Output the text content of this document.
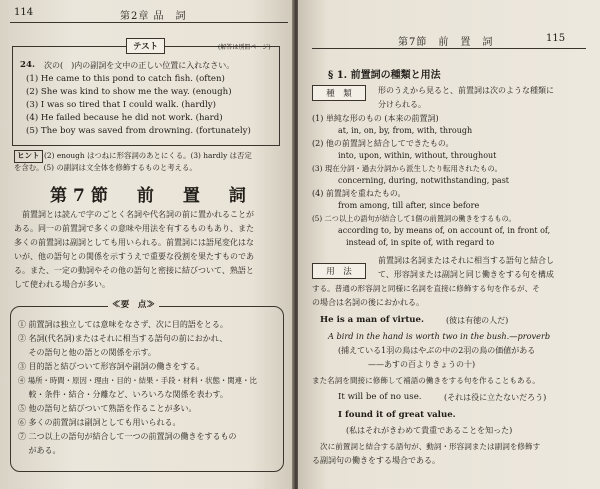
114	第2章 品　詞
テスト	(解答は別冊ページ)
24. 次の(　)内の副詞を文中の正しい位置に入れなさい。
(1) He came to this pond to catch fish. (often)
(2) She was kind to show me the way. (enough)
(3) I was so tired that I could walk. (hardly)
(4) He failed because he did not work. (hard)
(5) The boy was saved from drowning. (fortunately)
ヒント (2) enough はつねに形容詞のあとにくる。(3) hardly は否定
を含む。(5) の副詞は文全体を修飾するものと考える。
第7節　前　置　詞
　前置詞とは読んで字のごとく名詞や代名詞の前に置かれることが
ある。同一の前置詞で多くの意味や用法を有するものもあり、また
多くの前置詞は副詞としても用いられる。前置詞には語尾変化はな
いが、他の語句との関係を示すうえで重要な役割を果たすものであ
る。また、一定の動詞やその他の語句と密接に結びついて、熟語と
して使われる場合が多い。
≪要　点≫
① 前置詞は独立しては意味をなさず、次に目的語をとる。
② 名詞(代名詞)またはそれに相当する語句の前におかれ、
　 その語句と他の語との関係を示す。
③ 目的語と結びついて形容詞や副詞の働きをする。
④ 場所・時間・原因・理由・目的・結果・手段・材料・状態・関連・比
　 較・条件・結合・分離など、いろいろな関係を表わす。
⑤ 他の語句と結びついて熟語を作ることが多い。
⑥ 多くの前置詞は副詞としても用いられる。
⑦ 二つ以上の語句が結合して一つの前置詞の働きをするもの
　 がある。
第7節　前　置　詞	115
§ 1. 前置詞の種類と用法
種　類	形のうえから見ると、前置詞は次のような種類に
分けられる。
(1) 単純な形のもの (本来の前置詞)
at, in, on, by, from, with, through
(2) 他の前置詞と結合してできたもの。
into, upon, within, without, throughout
(3) 現在分詞・過去分詞から派生したり転用されたもの。
concerning, during, notwithstanding, past
(4) 前置詞を重ねたもの。
from among, till after, since before
(5) 二つ以上の語句が結合して1個の前置詞の働きをするもの。
according to, by means of, on account of, in front of,
instead of, in spite of, with regard to
用　法
前置詞は名詞またはそれに相当する語句と結合し
て、形容詞または副詞と同じ働きをする句を構成
する。普通の形容詞と同様に名詞を直接に修飾する句を作るが、そ
の場合は名詞の後におかれる。
He is a man of virtue.	(彼は有徳の人だ)
A bird in the hand is worth two in the bush.—proverb
(捕えている1羽の鳥はやぶの中の2羽の鳥の価値がある
——あすの百よりきょうの十)
また名詞を間接に修飾して補語の働きをする句を作ることもある。
It will be of no use.	(それは役に立たないだろう)
I found it of great value.
(私はそれがきわめて貴重であることを知った)
次に前置詞と結合する語句が、動詞・形容詞または副詞を修飾す
る副詞句の働きをする場合である。
